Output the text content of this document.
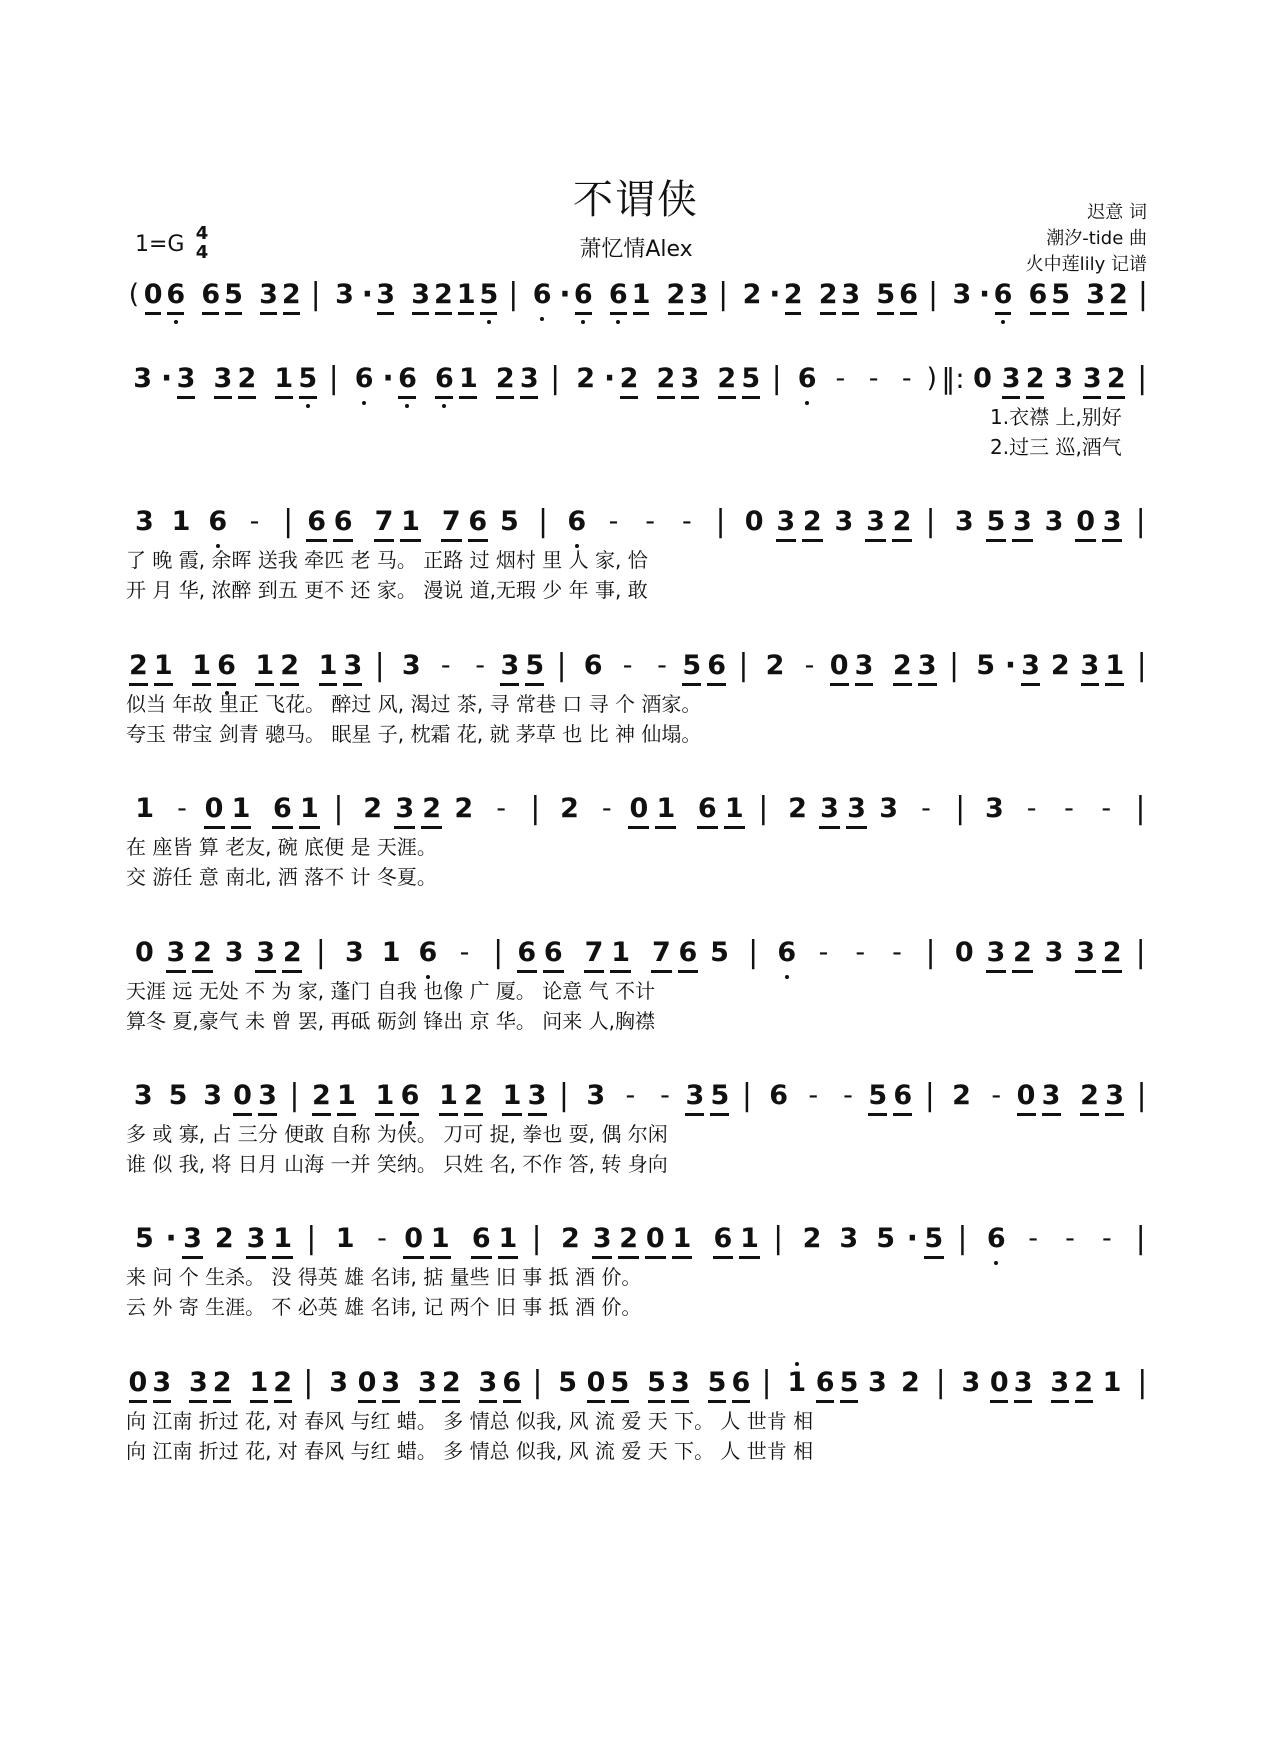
不谓侠
萧忆情Alex
1=G 4
4
迟意 词
潮汐-tide 曲
火中莲lily 记谱
( 0 6 6 5 3 2 | 3 · 3 3 2 1 5 | 6 · 6 6 1 2 3 | 2 · 2 2 3 5 6 | 3 · 6 6 5 3 2 |
3 · 3 3 2 1 5 | 6 · 6 6 1 2 3 | 2 · 2 2 3 2 5 | 6 - - - ) ‖: 0 3 2 3 3 2 |
1.衣襟 上,别好
2.过三 巡,酒气
3 1 6 - | 6 6 7 1 7 6 5 | 6 - - - | 0 3 2 3 3 2 | 3 5 3 3 0 3 |
了 晚 霞, 余晖 送我 牵匹 老 马。 正路 过 烟村 里 人 家, 恰
开 月 华, 浓醉 到五 更不 还 家。 漫说 道,无瑕 少 年 事, 敢
2 1 1 6 1 2 1 3 | 3 - - 3 5 | 6 - - 5 6 | 2 - 0 3 2 3 | 5 · 3 2 3 1 |
似当 年故 里正 飞花。 醉过 风, 渴过 茶, 寻 常巷 口 寻 个 酒家。
夸玉 带宝 剑青 骢马。 眠星 子, 枕霜 花, 就 茅草 也 比 神 仙塌。
1 - 0 1 6 1 | 2 3 2 2 - | 2 - 0 1 6 1 | 2 3 3 3 - | 3 -	-	- |
在 座皆 算 老友, 碗 底便 是 天涯。
交 游任 意 南北, 洒 落不 计 冬夏。
0 3 2 3 3 2 | 3 1 6 - | 6 6 7 1 7 6 5 | 6 - - - | 0 3 2 3 3 2 |
天涯 远 无处 不 为 家, 蓬门 自我 也像 广 厦。 论意 气 不计
算冬 夏,豪气 未 曾 罢, 再砥 砺剑 锋出 京 华。 问来 人,胸襟
3 5 3 0 3 | 2 1 1 6 1 2 1 3 | 3 - - 3 5 | 6 - - 5 6 | 2 - 0 3 2 3 |
多 或 寡, 占 三分 便敢 自称 为侠。 刀可 捉, 拳也 耍, 偶 尔闲
谁 似 我, 将 日月 山海 一并 笑纳。 只姓 名, 不作 答, 转 身向
5 · 3 2 3 1 | 1 - 0 1 6 1 | 2 3 2 0 1 6 1 | 2 3 5 · 5 | 6 -	-	- |
来 问 个 生杀。 没 得英 雄 名讳, 掂 量些 旧 事 抵 酒 价。
云 外 寄 生涯。 不 必英 雄 名讳, 记 两个 旧 事 抵 酒 价。
0 3 3 2 1 2 | 3 0 3 3 2 3 6 | 5 0 5 5 3 5 6 | 1 6 5 3 2 | 3 0 3 3 2 1 |
向 江南 折过 花, 对 春风 与红 蜡。 多 情总 似我, 风 流 爱 天 下。 人 世肯 相
向 江南 折过 花, 对 春风 与红 蜡。 多 情总 似我, 风 流 爱 天 下。 人 世肯 相
